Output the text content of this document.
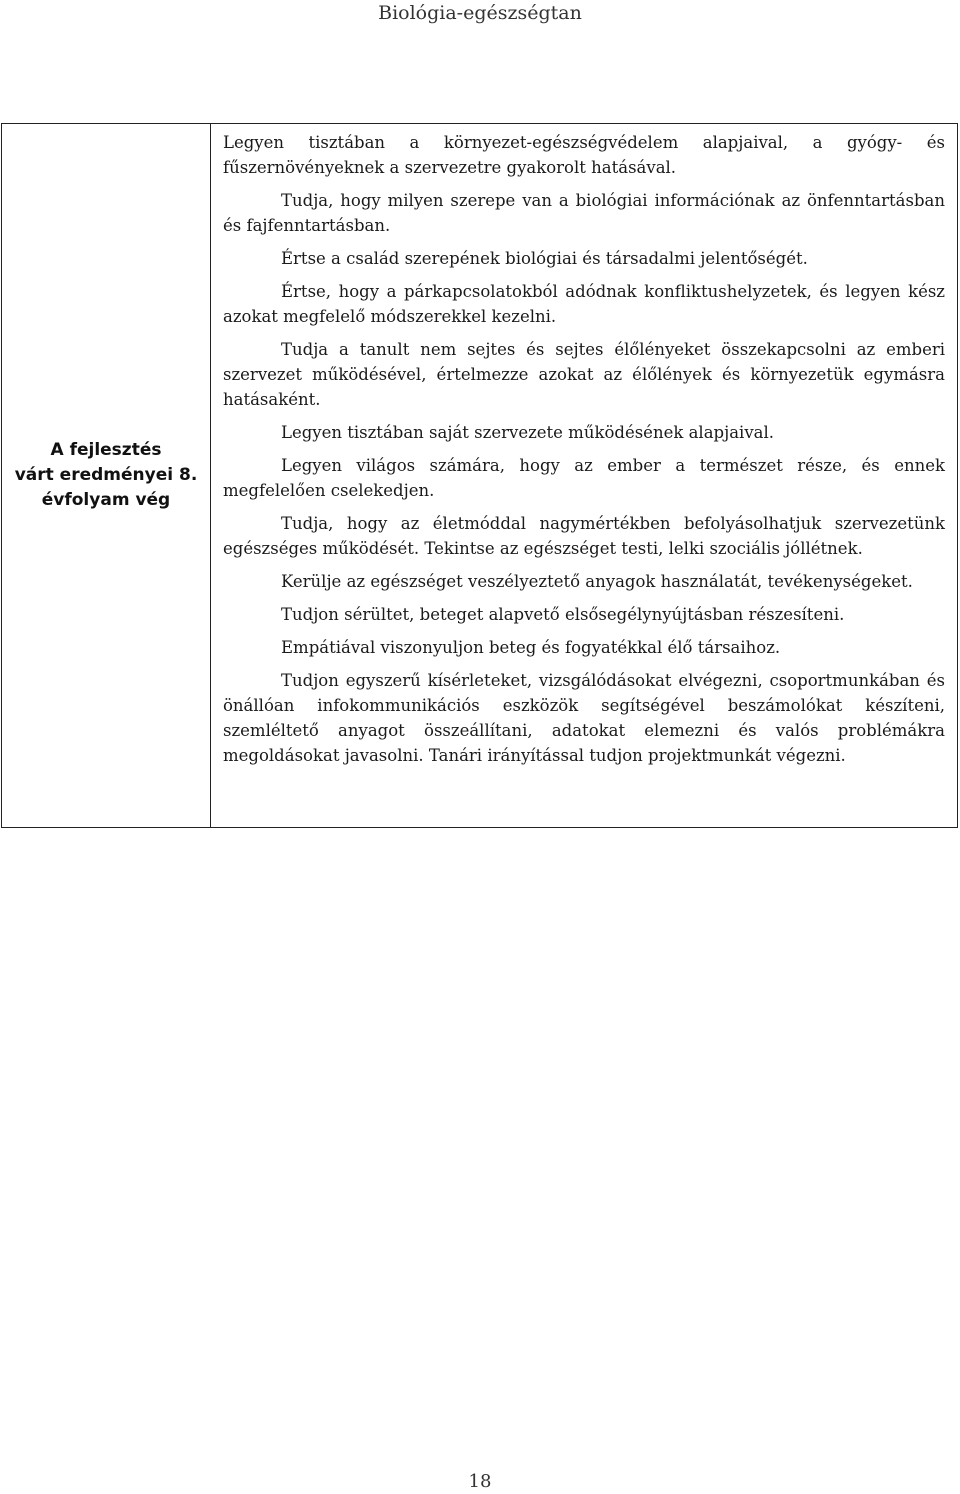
Biológia-egészségtan
A fejlesztés
várt eredményei 8.
évfolyam vég

Legyen tisztában a környezet-egészségvédelem alapjaival, a gyógy- és fűszernövényeknek a szervezetre gyakorolt hatásával.

Tudja, hogy milyen szerepe van a biológiai információnak az önfenntartásban és fajfenntartásban.

Értse a család szerepének biológiai és társadalmi jelentőségét.

Értse, hogy a párkapcsolatokból adódnak konfliktushelyzetek, és legyen kész azokat megfelelő módszerekkel kezelni.

Tudja a tanult nem sejtes és sejtes élőlényeket összekapcsolni az emberi szervezet működésével, értelmezze azokat az élőlények és környezetük egymásra hatásaként.

Legyen tisztában saját szervezete működésének alapjaival.

Legyen világos számára, hogy az ember a természet része, és ennek megfelelően cselekedjen.

Tudja, hogy az életmóddal nagymértékben befolyásolhatjuk szervezetünk egészséges működését. Tekintse az egészséget testi, lelki szociális jóllétnek.

Kerülje az egészséget veszélyeztető anyagok használatát, tevékenységeket.

Tudjon sérültet, beteget alapvető elsősegélynyújtásban részesíteni.

Empátiával viszonyuljon beteg és fogyatékkal élő társaihoz.

Tudjon egyszerű kísérleteket, vizsgálódásokat elvégezni, csoportmunkában és önállóan infokommunikációs eszközök segítségével beszámolókat készíteni, szemléltető anyagot összeállítani, adatokat elemezni és valós problémákra megoldásokat javasolni. Tanári irányítással tudjon projektmunkát végezni.

18
